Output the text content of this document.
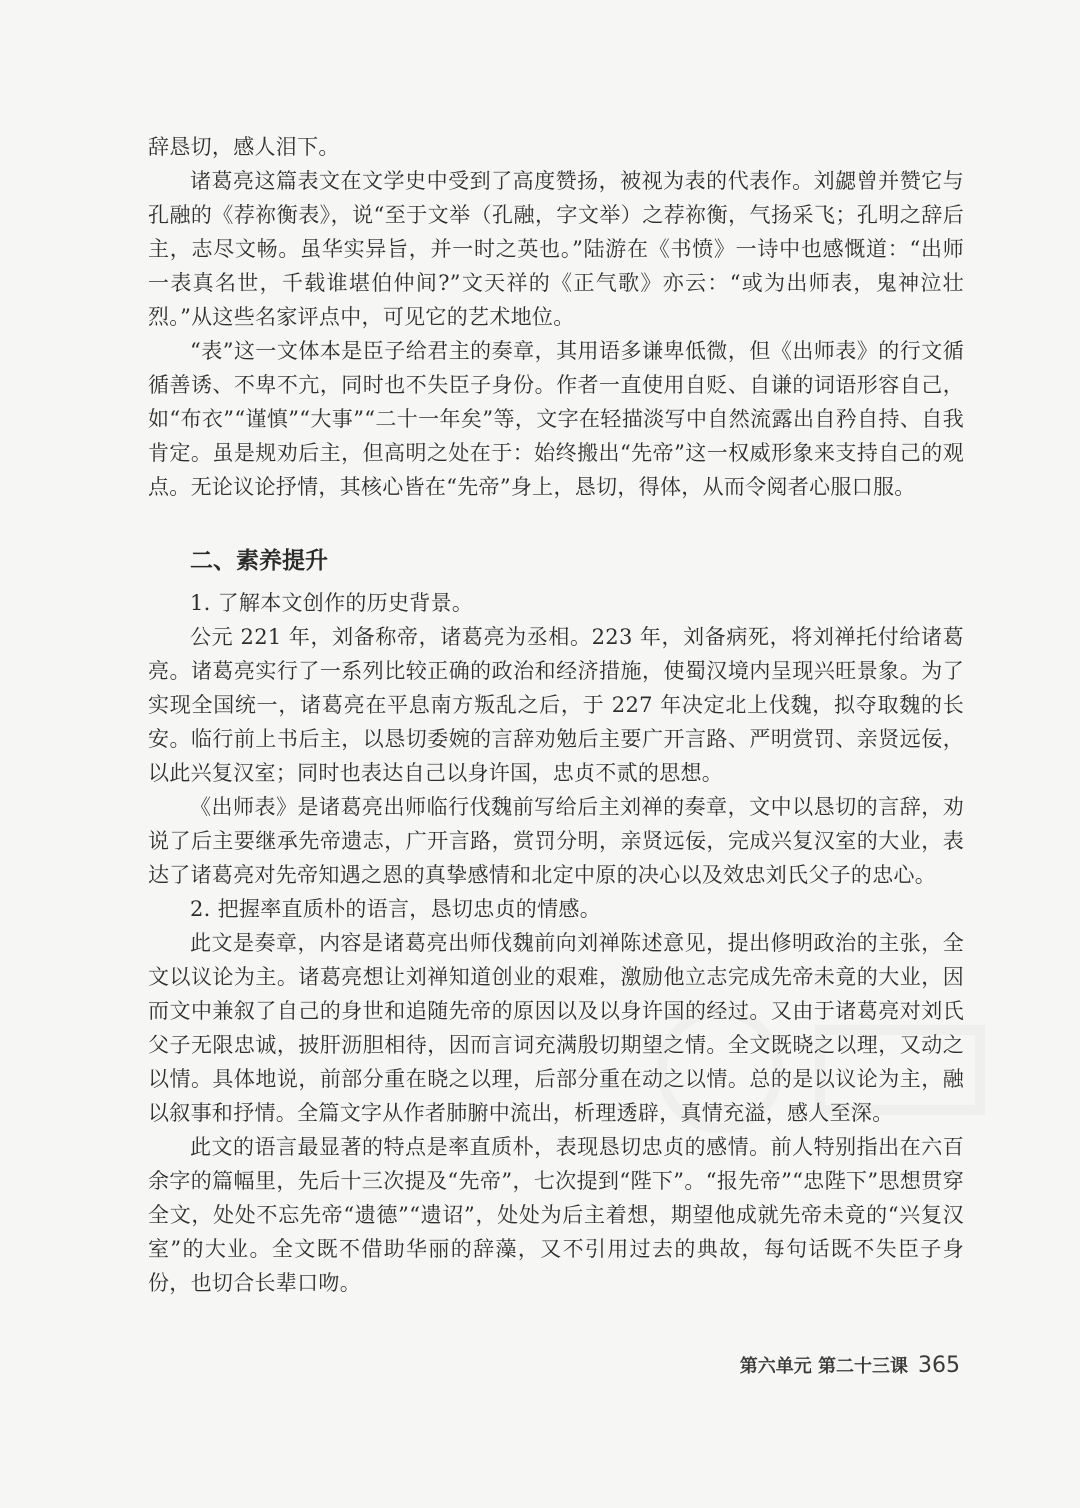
辞恳切，感人泪下。

诸葛亮这篇表文在文学史中受到了高度赞扬，被视为表的代表作。刘勰曾并赞它与孔融的《荐祢衡表》，说“至于文举（孔融，字文举）之荐祢衡，气扬采飞；孔明之辞后主，志尽文畅。虽华实异旨，并一时之英也。”陆游在《书愤》一诗中也感慨道：“出师一表真名世，千载谁堪伯仲间?”文天祥的《正气歌》亦云：“或为出师表，鬼神泣壮烈。”从这些名家评点中，可见它的艺术地位。

“表”这一文体本是臣子给君主的奏章，其用语多谦卑低微，但《出师表》的行文循循善诱、不卑不亢，同时也不失臣子身份。作者一直使用自贬、自谦的词语形容自己，如“布衣”“谨慎”“大事”“二十一年矣”等，文字在轻描淡写中自然流露出自矜自持、自我肯定。虽是规劝后主，但高明之处在于：始终搬出“先帝”这一权威形象来支持自己的观点。无论议论抒情，其核心皆在“先帝”身上，恳切，得体，从而令阅者心服口服。

二、素养提升

1. 了解本文创作的历史背景。

公元 221 年，刘备称帝，诸葛亮为丞相。223 年，刘备病死，将刘禅托付给诸葛亮。诸葛亮实行了一系列比较正确的政治和经济措施，使蜀汉境内呈现兴旺景象。为了实现全国统一，诸葛亮在平息南方叛乱之后，于 227 年决定北上伐魏，拟夺取魏的长安。临行前上书后主，以恳切委婉的言辞劝勉后主要广开言路、严明赏罚、亲贤远佞，以此兴复汉室；同时也表达自己以身许国，忠贞不贰的思想。

《出师表》是诸葛亮出师临行伐魏前写给后主刘禅的奏章，文中以恳切的言辞，劝说了后主要继承先帝遗志，广开言路，赏罚分明，亲贤远佞，完成兴复汉室的大业，表达了诸葛亮对先帝知遇之恩的真挚感情和北定中原的决心以及效忠刘氏父子的忠心。

2. 把握率直质朴的语言，恳切忠贞的情感。

此文是奏章，内容是诸葛亮出师伐魏前向刘禅陈述意见，提出修明政治的主张，全文以议论为主。诸葛亮想让刘禅知道创业的艰难，激励他立志完成先帝未竟的大业，因而文中兼叙了自己的身世和追随先帝的原因以及以身许国的经过。又由于诸葛亮对刘氏父子无限忠诚，披肝沥胆相待，因而言词充满殷切期望之情。全文既晓之以理，又动之以情。具体地说，前部分重在晓之以理，后部分重在动之以情。总的是以议论为主，融以叙事和抒情。全篇文字从作者肺腑中流出，析理透辟，真情充溢，感人至深。

此文的语言最显著的特点是率直质朴，表现恳切忠贞的感情。前人特别指出在六百余字的篇幅里，先后十三次提及“先帝”，七次提到“陛下”。“报先帝”“忠陛下”思想贯穿全文，处处不忘先帝“遗德”“遗诏”，处处为后主着想，期望他成就先帝未竟的“兴复汉室”的大业。全文既不借助华丽的辞藻，又不引用过去的典故，每句话既不失臣子身份，也切合长辈口吻。

第六单元 第二十三课 365
